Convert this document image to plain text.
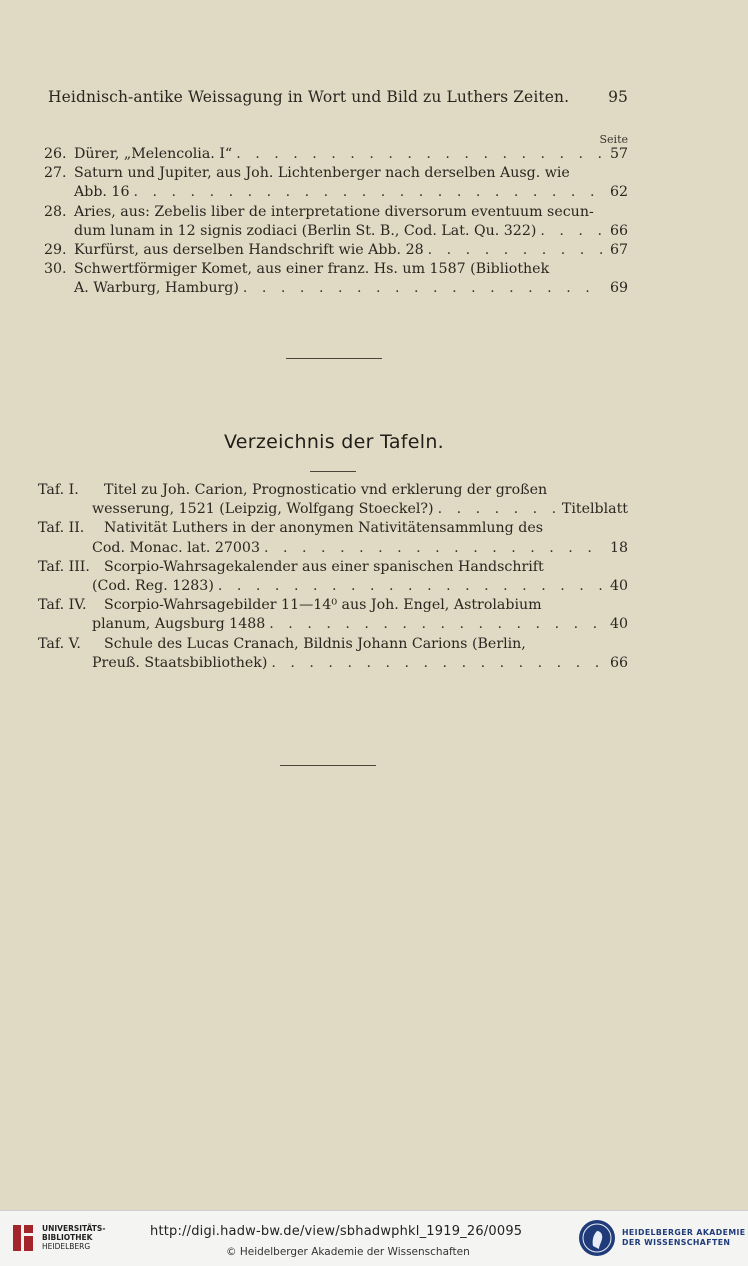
Heidnisch-antike Weissagung in Wort und Bild zu Luthers Zeiten.	95
Seite
26. Dürer, „Melencolia. I“ . . .	57
27. Saturn und Jupiter, aus Joh. Lichtenberger nach derselben Ausg. wie
Abb. 16 . . .	62
28. Aries, aus: Zebelis liber de interpretatione diversorum eventuum secun-
dum lunam in 12 signis zodiaci (Berlin St. B., Cod. Lat. Qu. 322) . . .	66
29. Kurfürst, aus derselben Handschrift wie Abb. 28 . . .	67
30. Schwertförmiger Komet, aus einer franz. Hs. um 1587 (Bibliothek
A. Warburg, Hamburg) . . .	69
Verzeichnis der Tafeln.
Taf. I.	Titel zu Joh. Carion, Prognosticatio vnd erklerung der großen
wesserung, 1521 (Leipzig, Wolfgang Stoeckel?) . . .	Titelblatt
Taf. II.	Nativität Luthers in der anonymen Nativitätensammlung des
Cod. Monac. lat. 27003 . . .	18
Taf. III. Scorpio-Wahrsagekalender aus einer spanischen Handschrift
(Cod. Reg. 1283) . . .	40
Taf. IV.	Scorpio-Wahrsagebilder 11—14⁰ aus Joh. Engel, Astrolabium
planum, Augsburg 1488 . . .	40
Taf. V.	Schule des Lucas Cranach, Bildnis Johann Carions (Berlin,
Preuß. Staatsbibliothek) . . .	66
UNIVERSITÄTS-
BIBLIOTHEK
HEIDELBERG
http://digi.hadw-bw.de/view/sbhadwphkl_1919_26/0095
© Heidelberger Akademie der Wissenschaften
HEIDELBERGER AKADEMIE
DER WISSENSCHAFTEN
